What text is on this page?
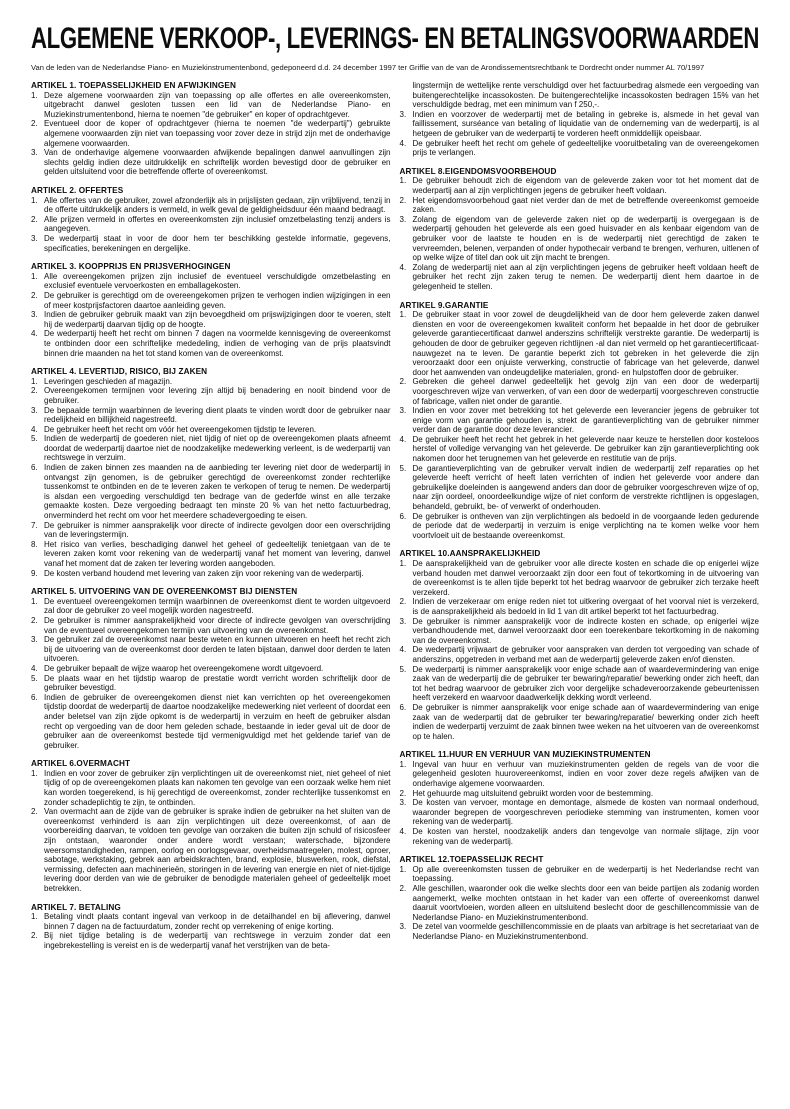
ALGEMENE VERKOOP-, LEVERINGS- EN BETALINGSVOORWAARDEN
Van de leden van de Nederlandse Piano- en Muziekinstrumentenbond, gedeponeerd d.d. 24 december 1997 ter Griffie van de van de Arondissementsrechtbank te Dordrecht onder nummer AL 70/1997
ARTIKEL 1. TOEPASSELIJKHEID EN AFWIJKINGEN
1. Deze algemene voorwaarden zijn van toepassing op alle offertes en alle overeenkomsten, uitgebracht danwel gesloten tussen een lid van de Nederlandse Piano- en Muziekinstrumentenbond, hierna te noemen "de gebruiker" en koper of opdrachtgever.
2. Eventueel door de koper of opdrachtgever (hierna te noemen "de wederpartij") gebruikte algemene voorwaarden zijn niet van toepassing voor zover deze in strijd zijn met de onderhavige algemene voorwaarden.
3. Van de onderhavige algemene voorwaarden afwijkende bepalingen danwel aanvullingen zijn slechts geldig indien deze uitdrukkelijk en schriftelijk worden bevestigd door de gebruiker en gelden uitsluitend voor die betreffende offerte of overeenkomst.
ARTIKEL 2. OFFERTES
1. Alle offertes van de gebruiker, zowel afzonderlijk als in prijslijsten gedaan, zijn vrijblijvend, tenzij in de offerte uitdrukkelijk anders is vermeld, in welk geval de geldigheidsduur één maand bedraagt.
2. Alle prijzen vermeld in offertes en overeenkomsten zijn inclusief omzetbelasting tenzij anders is aangegeven.
3. De wederpartij staat in voor de door hem ter beschikking gestelde informatie, gegevens, specificaties, berekeningen en dergelijke.
ARTIKEL 3. KOOPPRIJS EN PRIJSVERHOGINGEN
1. Alle overeengekomen prijzen zijn inclusief de eventueel verschuldigde omzetbelasting en exclusief eventuele vervoerkosten en emballagekosten.
2. De gebruiker is gerechtigd om de overeengekomen prijzen te verhogen indien wijzigingen in een of meer kostprijsfactoren daartoe aanleiding geven.
3. Indien de gebruiker gebruik maakt van zijn bevoegdheid om prijswijzigingen door te voeren, stelt hij de wederpartij daarvan tijdig op de hoogte.
4. De wederpartij heeft het recht om binnen 7 dagen na voormelde kennisgeving de overeenkomst te ontbinden door een schriftelijke mededeling, indien de verhoging van de prijs plaatsvindt binnen drie maanden na het tot stand komen van de overeenkomst.
ARTIKEL 4. LEVERTIJD, RISICO, BIJ ZAKEN
1. Leveringen geschieden af magazijn.
2. Overeengekomen termijnen voor levering zijn altijd bij benadering en nooit bindend voor de gebruiker.
3. De bepaalde termijn waarbinnen de levering dient plaats te vinden wordt door de gebruiker naar redelijkheid en billijkheid nagestreefd.
4. De gebruiker heeft het recht om vóór het overeengekomen tijdstip te leveren.
5. Indien de wederpartij de goederen niet, niet tijdig of niet op de overeengekomen plaats afneemt doordat de wederpartij daartoe niet de noodzakelijke medewerking verleent, is de wederpartij van rechtswege in verzuim.
6. Indien de zaken binnen zes maanden na de aanbieding ter levering niet door de wederpartij in ontvangst zijn genomen, is de gebruiker gerechtigd de overeenkomst zonder rechterlijke tussenkomst te ontbinden en de te leveren zaken te verkopen of terug te nemen. De wederpartij is alsdan een vergoeding verschuldigd ten bedrage van de gederfde winst en alle terzake gemaakte kosten. Deze vergoeding bedraagt ten minste 20 % van het netto factuurbedrag, onverminderd het recht om voor het meerdere schadevergoeding te eisen.
7. De gebruiker is nimmer aansprakelijk voor directe of indirecte gevolgen door een overschrijding van de leveringstermijn.
8. Het risico van verlies, beschadiging danwel het geheel of gedeeltelijk tenietgaan van de te leveren zaken komt voor rekening van de wederpartij vanaf het moment van levering, danwel vanaf het moment dat de zaken ter levering worden aangeboden.
9. De kosten verband houdend met levering van zaken zijn voor rekening van de wederpartij.
ARTIKEL 5. UITVOERING VAN DE OVEREENKOMST BIJ DIENSTEN
1. De eventueel overeengekomen termijn waarbinnen de overeenkomst dient te worden uitgevoerd zal door de gebruiker zo veel mogelijk worden nagestreefd.
2. De gebruiker is nimmer aansprakelijkheid voor directe of indirecte gevolgen van overschrijding van de eventueel overeengekomen termijn van uitvoering van de overeenkomst.
3. De gebruiker zal de overeenkomst naar beste weten en kunnen uitvoeren en heeft het recht zich bij de uitvoering van de overeenkomst door derden te laten bijstaan, danwel door derden te laten uitvoeren.
4. De gebruiker bepaalt de wijze waarop het overeengekomene wordt uitgevoerd.
5. De plaats waar en het tijdstip waarop de prestatie wordt verricht worden schriftelijk door de gebruiker bevestigd.
6. Indien de gebruiker de overeengekomen dienst niet kan verrichten op het overeengekomen tijdstip doordat de wederpartij de daartoe noodzakelijke medewerking niet verleent of doordat een ander beletsel van zijn zijde opkomt is de wederpartij in verzuim en heeft de gebruiker alsdan recht op vergoeding van de door hem geleden schade, bestaande in ieder geval uit de door de gebruiker aan de overeenkomst bestede tijd vermenigvuldigd met het geldende tarief van de gebruiker.
ARTIKEL 6.OVERMACHT
1. Indien en voor zover de gebruiker zijn verplichtingen uit de overeenkomst niet, niet geheel of niet tijdig of op de overeengekomen plaats kan nakomen ten gevolge van een oorzaak welke hem niet kan worden toegerekend, is hij gerechtigd de overeenkomst, zonder rechterlijke tussenkomst en zonder schadeplichtig te zijn, te ontbinden.
2. Van overmacht aan de zijde van de gebruiker is sprake indien de gebruiker na het sluiten van de overeenkomst verhinderd is aan zijn verplichtingen uit deze overeenkomst, of aan de voorbereiding daarvan, te voldoen ten gevolge van oorzaken die buiten zijn schuld of risicosfeer zijn ontstaan, waaronder onder andere wordt verstaan; waterschade, bijzondere weersomstandigheden, rampen, oorlog en oorlogsgevaar, overheidsmaatregelen, molest, oproer, sabotage, werkstaking, gebrek aan arbeidskrachten, brand, explosie, bluswerken, rook, diefstal, vermissing, defecten aan machinerieën, storingen in de levering van energie en niet of niet-tijdige levering door derden van wie de gebruiker de benodigde materialen geheel of gedeeltelijk moet betrekken.
ARTIKEL 7. BETALING
1. Betaling vindt plaats contant ingeval van verkoop in de detailhandel en bij aflevering, danwel binnen 7 dagen na de factuurdatum, zonder recht op verrekening of enige korting.
2. Bij niet tijdige betaling is de wederpartij van rechtswege in verzuim zonder dat een ingebrekestelling is vereist en is de wederpartij vanaf het verstrijken van de beta-
lingstermijn de wettelijke rente verschuldigd over het factuurbedrag alsmede een vergoeding van buitengerechtelijke incassokosten. De buitengerechtelijke incassokosten bedragen 15% van het verschuldigde bedrag, met een minimum van f 250,-.
3. Indien en voorzover de wederpartij met de betaling in gebreke is, alsmede in het geval van faillissement, surséance van betaling of liquidatie van de onderneming van de wederpartij, is al hetgeen de gebruiker van de wederpartij te vorderen heeft onmiddellijk opeisbaar.
4. De gebruiker heeft het recht om gehele of gedeeltelijke vooruitbetaling van de overeengekomen prijs te verlangen.
ARTIKEL 8.EIGENDOMSVOORBEHOUD
1. De gebruiker behoudt zich de eigendom van de geleverde zaken voor tot het moment dat de wederpartij aan al zijn verplichtingen jegens de gebruiker heeft voldaan.
2. Het eigendomsvoorbehoud gaat niet verder dan de met de betreffende overeenkomst gemoeide zaken.
3. Zolang de eigendom van de geleverde zaken niet op de wederpartij is overgegaan is de wederpartij gehouden het geleverde als een goed huisvader en als kenbaar eigendom van de gebruiker voor de laatste te houden en is de wederpartij niet gerechtigd de zaken te vervreemden, belenen, verpanden of onder hypothecair verband te brengen, verhuren, uitlenen of op welke wijze of titel dan ook uit zijn macht te brengen.
4. Zolang de wederpartij niet aan al zijn verplichtingen jegens de gebruiker heeft voldaan heeft de gebruiker het recht zijn zaken terug te nemen. De wederpartij dient hem daartoe in de gelegenheid te stellen.
ARTIKEL 9.GARANTIE
1. De gebruiker staat in voor zowel de deugdelijkheid van de door hem geleverde zaken danwel diensten en voor de overeengekomen kwaliteit conform het bepaalde in het door de gebruiker geleverde garantiecertificaat danwel anderszins schriftelijk verstrekte garantie. De wederpartij is gehouden de door de gebruiker gegeven richtlijnen -al dan niet vermeld op het garantiecertificaat- nauwgezet na te leven. De garantie beperkt zich tot gebreken in het geleverde die zijn veroorzaakt door een onjuiste verwerking, constructie of fabricage van het geleverde, danwel door het aanwenden van ondeugdelijke materialen, grond- en hulpstoffen door de gebruiker.
2. Gebreken die geheel danwel gedeeltelijk het gevolg zijn van een door de wederpartij voorgeschreven wijze van verwerken, of van een door de wederpartij voorgeschreven constructie of fabricage, vallen niet onder de garantie.
3. Indien en voor zover met betrekking tot het geleverde een leverancier jegens de gebruiker tot enige vorm van garantie gehouden is, strekt de garantieverplichting van de gebruiker nimmer verder dan de garantie door deze leverancier.
4. De gebruiker heeft het recht het gebrek in het geleverde naar keuze te herstellen door kosteloos herstel of volledige vervanging van het geleverde. De gebruiker kan zijn garantieverplichting ook nakomen door het terugnemen van het geleverde en restitutie van de prijs.
5. De garantieverplichting van de gebruiker vervalt indien de wederpartij zelf reparaties op het geleverde heeft verricht of heeft laten verrichten of indien het geleverde voor andere dan gebruikelijke doeleinden is aangewend anders dan door de gebruiker voorgeschreven wijze of op, naar zijn oordeel, onoordeelkundige wijze of niet conform de verstrekte richtlijnen is opgeslagen, behandeld, gebruikt, be- of verwerkt of onderhouden.
6. De gebruiker is ontheven van zijn verplichtingen als bedoeld in de voorgaande leden gedurende de periode dat de wederpartij in verzuim is enige verplichting na te komen welke voor hem voortvloeit uit de bestaande overeenkomst.
ARTIKEL 10.AANSPRAKELIJKHEID
1. De aansprakelijkheid van de gebruiker voor alle directe kosten en schade die op enigerlei wijze verband houden met danwel veroorzaakt zijn door een fout of tekortkoming in de uitvoering van de overeenkomst is te allen tijde beperkt tot het bedrag waarvoor de gebruiker zich terzake heeft verzekerd.
2. Indien de verzekeraar om enige reden niet tot uitkering overgaat of het voorval niet is verzekerd, is de aansprakelijkheid als bedoeld in lid 1 van dit artikel beperkt tot het factuurbedrag.
3. De gebruiker is nimmer aansprakelijk voor de indirecte kosten en schade, op enigerlei wijze verbandhoudende met, danwel veroorzaakt door een toerekenbare tekortkoming in de nakoming van de overeenkomst.
4. De wederpartij vrijwaart de gebruiker voor aanspraken van derden tot vergoeding van schade of anderszins, opgetreden in verband met aan de wederpartij geleverde zaken en/of diensten.
5. De wederpartij is nimmer aansprakelijk voor enige schade aan of waardevermindering van enige zaak van de wederpartij die de gebruiker ter bewaring/reparatie/ bewerking onder zich heeft, dan tot het bedrag waarvoor de gebruiker zich voor dergelijke schadeveroorzakende gebeurtenissen heeft verzekerd en waarvoor daadwerkelijk dekking wordt verleend.
6. De gebruiker is nimmer aansprakelijk voor enige schade aan of waardevermindering van enige zaak van de wederpartij dat de gebruiker ter bewaring/reparatie/ bewerking onder zich heeft indien de wederpartij verzuimt de zaak binnen twee weken na het uitvoeren van de overeenkomst op te halen.
ARTIKEL 11.HUUR EN VERHUUR VAN MUZIEKINSTRUMENTEN
1. Ingeval van huur en verhuur van muziekinstrumenten gelden de regels van de voor die gelegenheid gesloten huurovereenkomst, indien en voor zover deze regels afwijken van de onderhavige algemene voorwaarden.
2. Het gehuurde mag uitsluitend gebruikt worden voor de bestemming.
3. De kosten van vervoer, montage en demontage, alsmede de kosten van normaal onderhoud, waaronder begrepen de voorgeschreven periodieke stemming van instrumenten, komen voor rekening van de wederpartij.
4. De kosten van herstel, noodzakelijk anders dan tengevolge van normale slijtage, zijn voor rekening van de wederpartij.
ARTIKEL 12.TOEPASSELIJK RECHT
1. Op alle overeenkomsten tussen de gebruiker en de wederpartij is het Nederlandse recht van toepassing.
2. Alle geschillen, waaronder ook die welke slechts door een van beide partijen als zodanig worden aangemerkt, welke mochten ontstaan in het kader van een offerte of overeenkomst danwel daaruit voortvloeien, worden alleen en uitsluitend beslecht door de geschillencommissie van de Nederlandse Piano- en Muziekinstrumentenbond.
3. De zetel van voormelde geschillencommissie en de plaats van arbitrage is het secretariaat van de Nederlandse Piano- en Muziekinstrumentenbond.
